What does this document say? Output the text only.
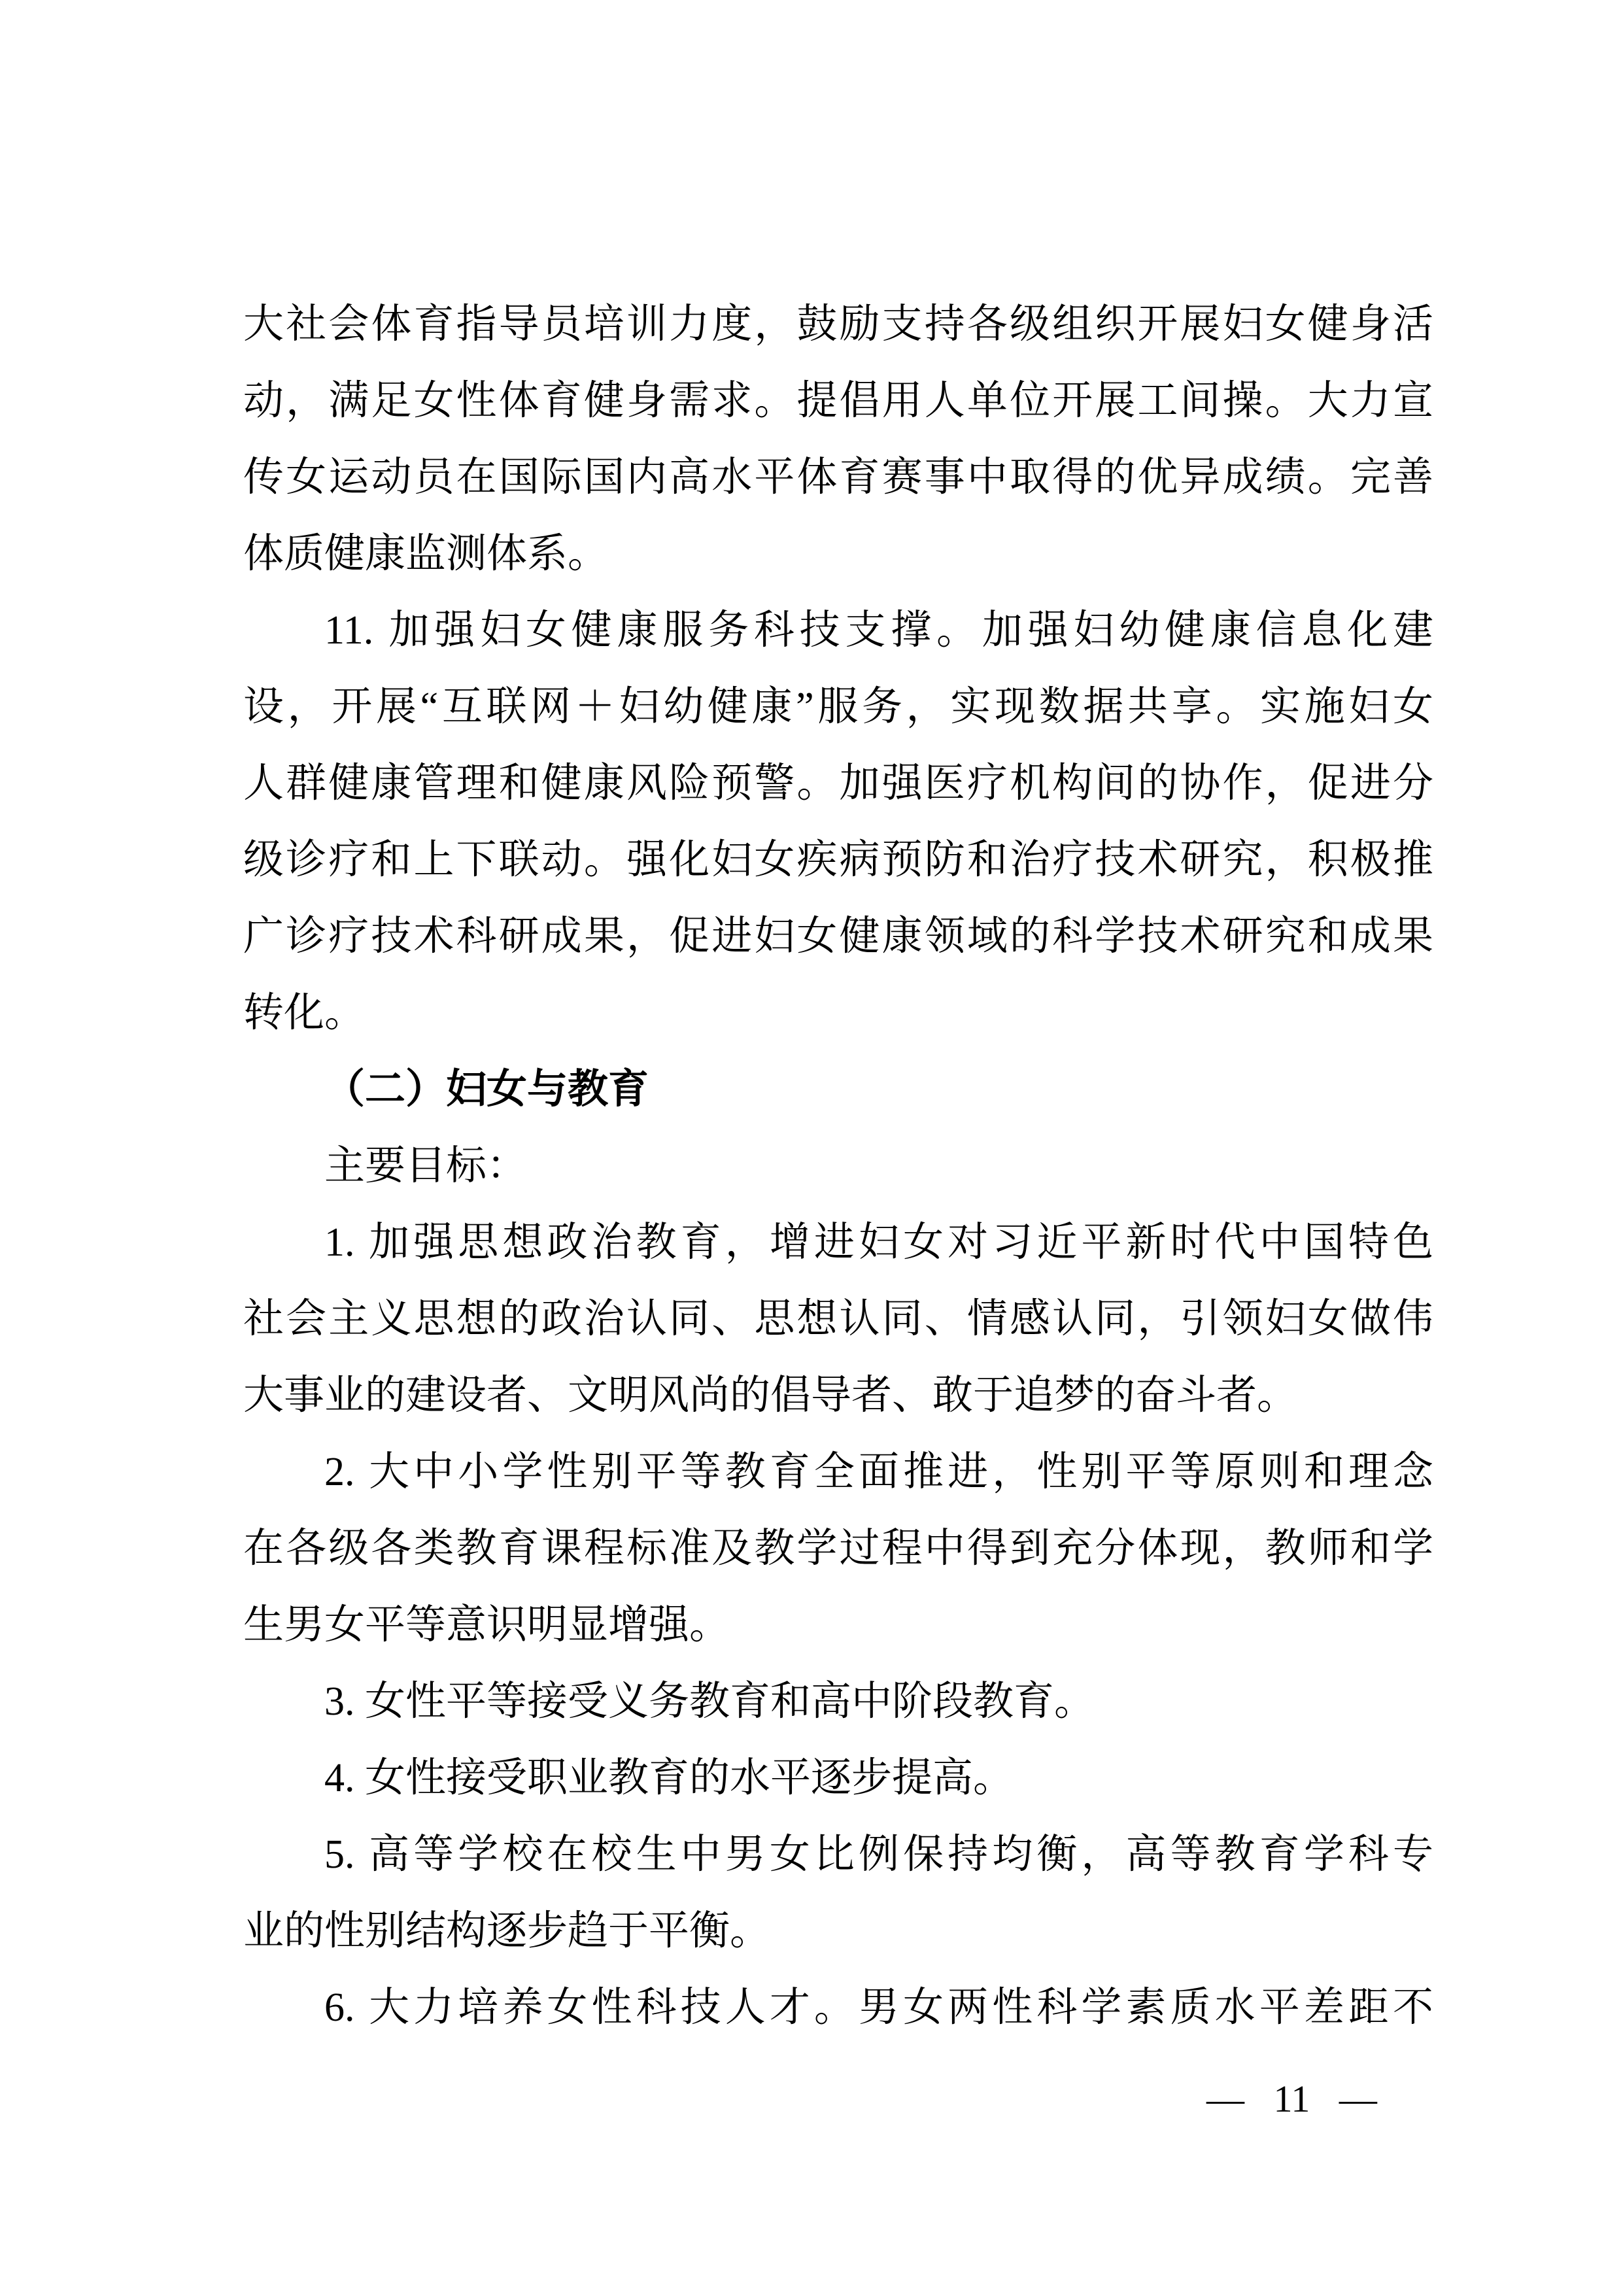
大社会体育指导员培训力度，鼓励支持各级组织开展妇女健身活

动，满足女性体育健身需求。提倡用人单位开展工间操。大力宣

传女运动员在国际国内高水平体育赛事中取得的优异成绩。完善

体质健康监测体系。

11. 加强妇女健康服务科技支撑。加强妇幼健康信息化建

设，开展“互联网＋妇幼健康”服务，实现数据共享。实施妇女

人群健康管理和健康风险预警。加强医疗机构间的协作，促进分

级诊疗和上下联动。强化妇女疾病预防和治疗技术研究，积极推

广诊疗技术科研成果，促进妇女健康领域的科学技术研究和成果

转化。

（二）妇女与教育

主要目标：

1. 加强思想政治教育，增进妇女对习近平新时代中国特色

社会主义思想的政治认同、思想认同、情感认同，引领妇女做伟

大事业的建设者、文明风尚的倡导者、敢于追梦的奋斗者。

2. 大中小学性别平等教育全面推进，性别平等原则和理念

在各级各类教育课程标准及教学过程中得到充分体现，教师和学

生男女平等意识明显增强。

3. 女性平等接受义务教育和高中阶段教育。

4. 女性接受职业教育的水平逐步提高。

5. 高等学校在校生中男女比例保持均衡，高等教育学科专

业的性别结构逐步趋于平衡。

6. 大力培养女性科技人才。男女两性科学素质水平差距不

— 11 —
